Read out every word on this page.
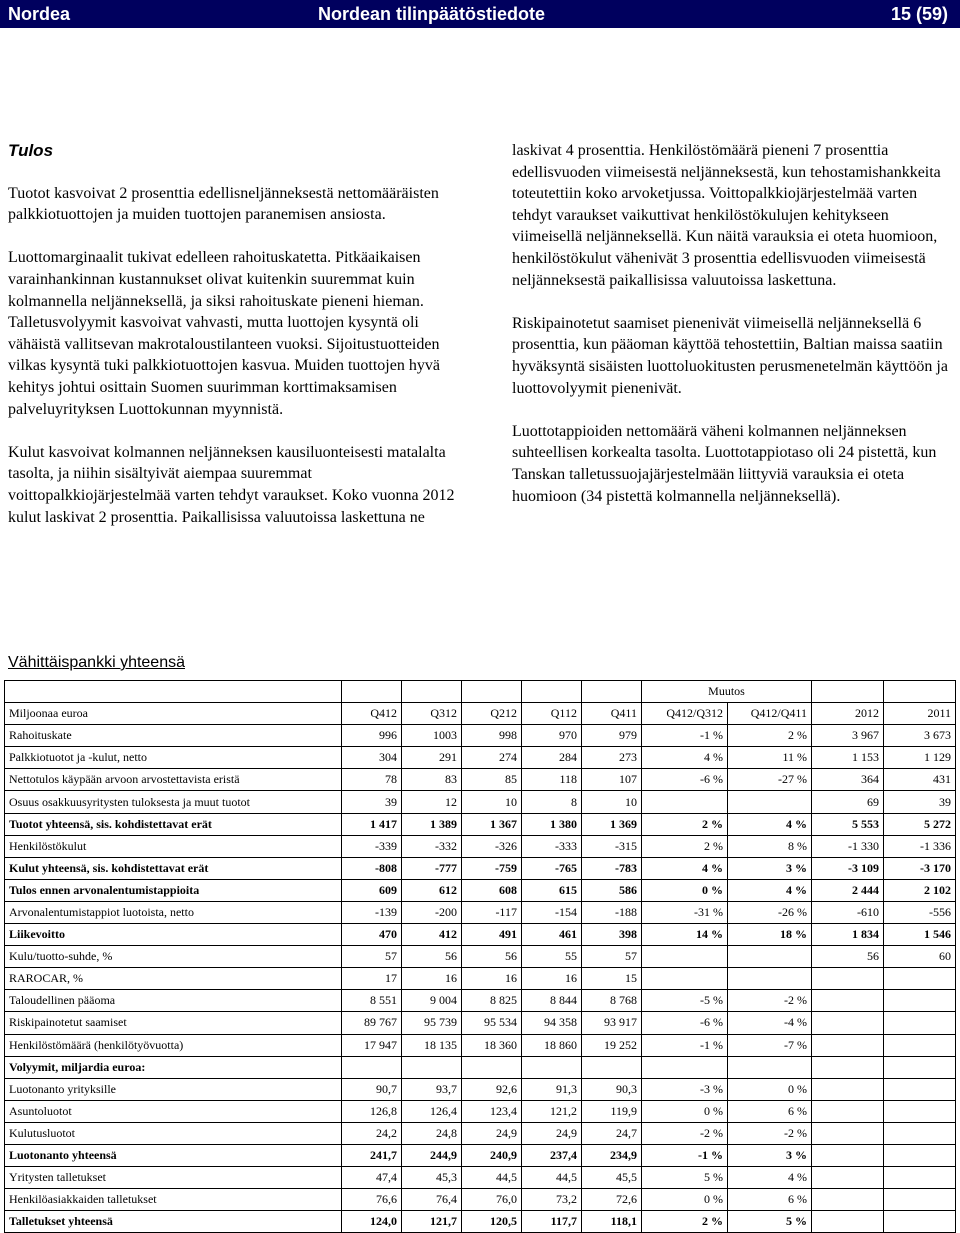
Nordea	Nordean tilinpäätöstiedote	15 (59)

Tulos

Tuotot kasvoivat 2 prosenttia edellisneljänneksestä nettomääräisten palkkiotuottojen ja muiden tuottojen paranemisen ansiosta.

Luottomarginaalit tukivat edelleen rahoituskatetta. Pitkäaikaisen varainhankinnan kustannukset olivat kuitenkin suuremmat kuin kolmannella neljänneksellä, ja siksi rahoituskate pieneni hieman. Talletusvolyymit kasvoivat vahvasti, mutta luottojen kysyntä oli vähäistä vallitsevan makrotaloustilanteen vuoksi. Sijoitustuotteiden vilkas kysyntä tuki palkkiotuottojen kasvua. Muiden tuottojen hyvä kehitys johtui osittain Suomen suurimman korttimaksamisen palveluyrityksen Luottokunnan myynnistä.

Kulut kasvoivat kolmannen neljänneksen kausiluonteisesti matalalta tasolta, ja niihin sisältyivät aiempaa suuremmat voittopalkkiojärjestelmää varten tehdyt varaukset. Koko vuonna 2012 kulut laskivat 2 prosenttia. Paikallisissa valuutoissa laskettuna ne

laskivat 4 prosenttia. Henkilöstömäärä pieneni 7 prosenttia edellisvuoden viimeisestä neljänneksestä, kun tehostamishankkeita toteutettiin koko arvoketjussa. Voittopalkkiojärjestelmää varten tehdyt varaukset vaikuttivat henkilöstökulujen kehitykseen viimeisellä neljänneksellä. Kun näitä varauksia ei oteta huomioon, henkilöstökulut vähenivät 3 prosenttia edellisvuoden viimeisestä neljänneksestä paikallisissa valuutoissa laskettuna.

Riskipainotetut saamiset pienenivät viimeisellä neljänneksellä 6 prosenttia, kun pääoman käyttöä tehostettiin, Baltian maissa saatiin hyväksyntä sisäisten luottoluokitusten perusmenetelmän käyttöön ja luottovolyymit pienenivät.

Luottotappioiden nettomäärä väheni kolmannen neljänneksen suhteellisen korkealta tasolta. Luottotappiotaso oli 24 pistettä, kun Tanskan talletussuojajärjestelmään liittyviä varauksia ei oteta huomioon (34 pistettä kolmannella neljänneksellä).

Vähittäispankki yhteensä

						Muutos			
Miljoonaa euroa	Q412	Q312	Q212	Q112	Q411	Q412/Q312	Q412/Q411	2012	2011
Rahoituskate	996	1003	998	970	979	-1 %	2 %	3 967	3 673
Palkkiotuotot ja -kulut, netto	304	291	274	284	273	4 %	11 %	1 153	1 129
Nettotulos käypään arvoon arvostettavista eristä	78	83	85	118	107	-6 %	-27 %	364	431
Osuus osakkuusyritysten tuloksesta ja muut tuotot	39	12	10	8	10			69	39
Tuotot yhteensä, sis. kohdistettavat erät	1 417	1 389	1 367	1 380	1 369	2 %	4 %	5 553	5 272
Henkilöstökulut	-339	-332	-326	-333	-315	2 %	8 %	-1 330	-1 336
Kulut yhteensä, sis. kohdistettavat erät	-808	-777	-759	-765	-783	4 %	3 %	-3 109	-3 170
Tulos ennen arvonalentumistappioita	609	612	608	615	586	0 %	4 %	2 444	2 102
Arvonalentumistappiot luotoista, netto	-139	-200	-117	-154	-188	-31 %	-26 %	-610	-556
Liikevoitto	470	412	491	461	398	14 %	18 %	1 834	1 546
Kulu/tuotto-suhde, %	57	56	56	55	57			56	60
RAROCAR, %	17	16	16	16	15				
Taloudellinen pääoma	8 551	9 004	8 825	8 844	8 768	-5 %	-2 %		
Riskipainotetut saamiset	89 767	95 739	95 534	94 358	93 917	-6 %	-4 %		
Henkilöstömäärä (henkilötyövuotta)	17 947	18 135	18 360	18 860	19 252	-1 %	-7 %		
Volyymit, miljardia euroa:									
Luotonanto yrityksille	90,7	93,7	92,6	91,3	90,3	-3 %	0 %		
Asuntoluotot	126,8	126,4	123,4	121,2	119,9	0 %	6 %		
Kulutusluotot	24,2	24,8	24,9	24,9	24,7	-2 %	-2 %		
Luotonanto yhteensä	241,7	244,9	240,9	237,4	234,9	-1 %	3 %		
Yritysten talletukset	47,4	45,3	44,5	44,5	45,5	5 %	4 %		
Henkilöasiakkaiden talletukset	76,6	76,4	76,0	73,2	72,6	0 %	6 %		
Talletukset yhteensä	124,0	121,7	120,5	117,7	118,1	2 %	5 %		
